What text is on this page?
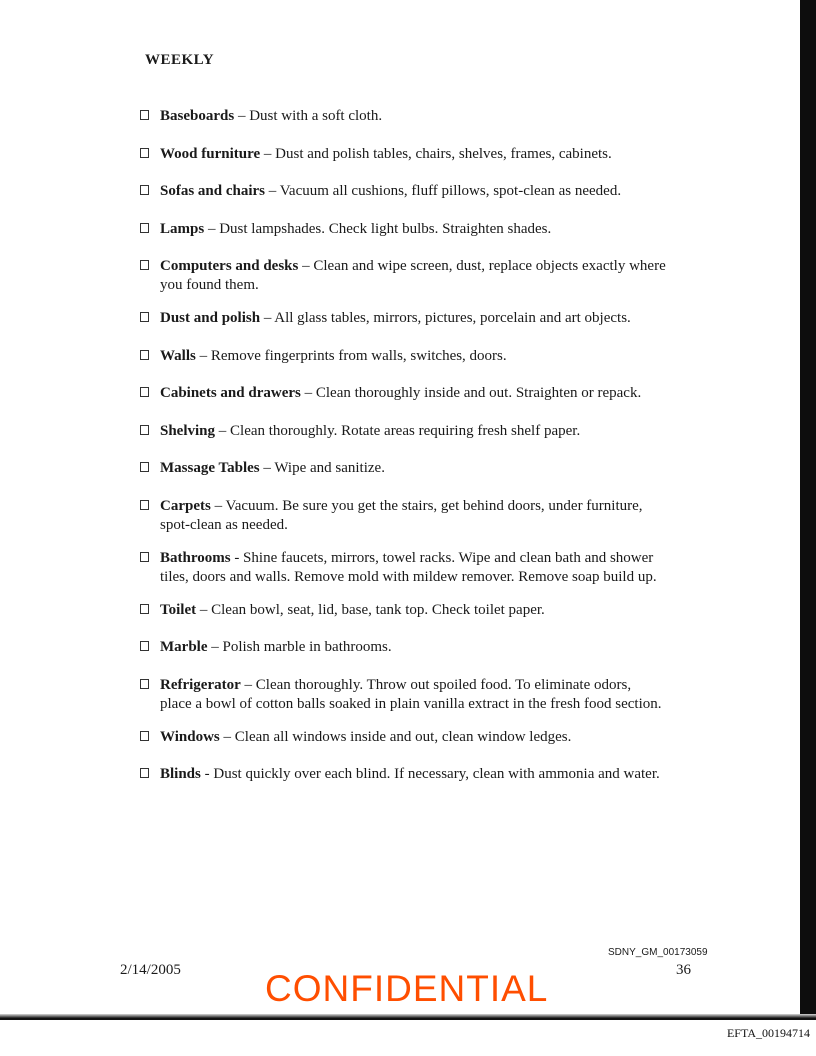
WEEKLY
Baseboards – Dust with a soft cloth.
Wood furniture – Dust and polish tables, chairs, shelves, frames, cabinets.
Sofas and chairs – Vacuum all cushions, fluff pillows, spot-clean as needed.
Lamps – Dust lampshades. Check light bulbs. Straighten shades.
Computers and desks – Clean and wipe screen, dust, replace objects exactly where
you found them.
Dust and polish – All glass tables, mirrors, pictures, porcelain and art objects.
Walls – Remove fingerprints from walls, switches, doors.
Cabinets and drawers – Clean thoroughly inside and out. Straighten or repack.
Shelving – Clean thoroughly. Rotate areas requiring fresh shelf paper.
Massage Tables – Wipe and sanitize.
Carpets – Vacuum. Be sure you get the stairs, get behind doors, under furniture,
spot-clean as needed.
Bathrooms - Shine faucets, mirrors, towel racks. Wipe and clean bath and shower
tiles, doors and walls. Remove mold with mildew remover. Remove soap build up.
Toilet – Clean bowl, seat, lid, base, tank top. Check toilet paper.
Marble – Polish marble in bathrooms.
Refrigerator – Clean thoroughly. Throw out spoiled food. To eliminate odors,
place a bowl of cotton balls soaked in plain vanilla extract in the fresh food section.
Windows – Clean all windows inside and out, clean window ledges.
Blinds - Dust quickly over each blind. If necessary, clean with ammonia and water.
2/14/2005
SDNY_GM_00173059
36
CONFIDENTIAL
EFTA_00194714
